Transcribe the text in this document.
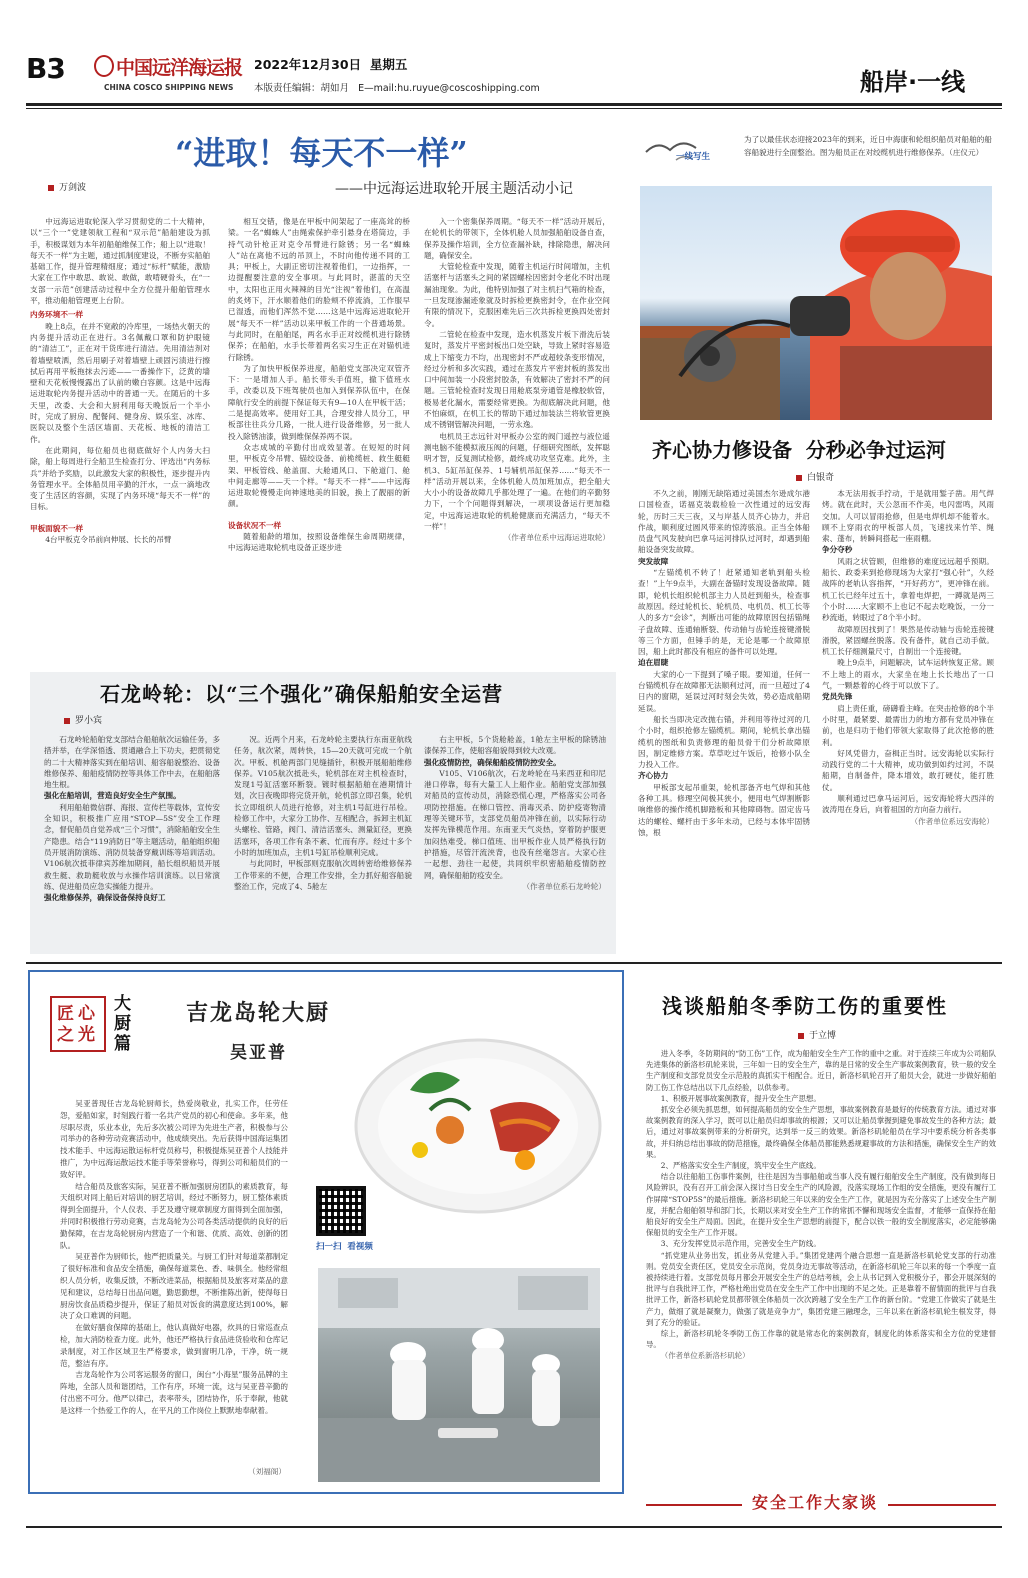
B3	中国远洋海运报
CHINA COSCO SHIPPING NEWS
2022年12月30日 星期五
本版责任编辑：胡如月 E—mail:hu.ruyue@coscoshipping.com	船岸·一线
“进取！每天不一样”
——中远海运进取轮开展主题活动小记
万剑波

中远海运进取轮深入学习贯彻党的二十大精神，以“三个一”党建领航工程和“双示范”船舶建设为抓手，积极谋划为本年初船舶维保工作；船上以“进取！每天不一样”为主题，通过抓制度建设，不断夯实船舶基础工作，提升管理精细度；通过“标杆”赋能，激励大家在工作中敢思、敢说、敢做，敢啃硬骨头，在“一支部一示范”创建活动过程中全方位提升船舶管理水平，推动船舶管理更上台阶。

内务环境不一样

晚上8点，在并不宽敞的冷库里，一场热火朝天的内务提升活动正在进行。3名佩戴口罩和防护眼镜的“清洁工”，正在对干货库进行清洁。先用清洁剂对着墙壁喷洒，然后用刷子对着墙壁上顽固污渍进行擦拭后再用平板拖抹去污迹——一番操作下，泛黄的墙壁和天花板慢慢露出了认前的嫩白容颜。这是中远海运进取轮内务提升活动中的普通一天。在随后的十多天里，改委、大会和大厨利用每天晚饭后一个半小时，完成了厨房、配餐间、健身房、娱乐室、冰库、医院以及整个生活区墙面、天花板、地板的清洁工作。

在此期间，每位船员也彻底做好个人内务大扫除，船上每周进行全船卫生检查打分、评选出“内务标兵”并给予奖励，以此激发大家的积极性，逐步提升内务管理水平。全体船员用辛勤的汗水，一点一滴地改变了生活区的容颜，实现了内务环境“每天不一样”的目标。

甲板面貌不一样

4台甲板克令吊前向伸展、长长的吊臂

相互交错，像是在甲板中间架起了一座高耸的桥梁。一名“蜘蛛人”由绳索保护牵引悬身在塔筒边，手持气动针枪正对克令吊臂进行除锈；另一名“蜘蛛人”站在离他不远的吊顶上，不时向他传递不同的工具；甲板上，大副正密切注视着他们，一边指挥，一边提醒要注意的安全事项。与此同时，湛蓝的天空中，太阳也正用火辣辣的目光“注视”着他们，在高温的炙烤下，汗水顺着他们的脸颊不停流淌，工作服早已湿透，而他们浑然不觉……这是中远海运进取轮开展“每天不一样”活动以来甲板工作的一个普通场景。与此同时，在船舶尾，两名水手正对绞缆机进行除锈保养；在船舶，水手长带着两名实习生正在对锚机进行除锈。

为了加快甲板保养进度，船舶党支部决定双管齐下：一是增加人手。船长带头手值班，撤下值班水手，改委以及下班驾驶员也加入到保养队伍中，在保障航行安全的前提下保证每天有9—10人在甲板干活；二是提高效率。使用好工具，合理安排人员分工，甲板部往往兵分几路，一批人进行设备维修，另一批人投入除锈油漆，做到维保保养两不误。

众志成城的辛勤付出成效显著。在短短的时间里，甲板克令吊臂、锚绞设备、前桅缆桩、救生艇艇架、甲板管线、舱盖面、大舱通风口、下舱道门、舱中间走廊等——天一个样。“每天不一样”——中远海运进取轮慢慢走向神速地美的旧貌，换上了靓丽的新颜。

设备状况不一样

随着船龄的增加，按照设备维保生命周期规律，中远海运进取轮机电设备正逐步进

入一个密集保养周期。“每天不一样”活动开展后，在轮机长的带领下，全体机舱人员加强船舶设备自查，保养及操作培训，全方位查漏补缺，排除隐患，解决问题，确保安全。

大管轮检查中发现，随着主机运行时间增加，主机活塞杆与活塞头之间的紧固螺栓因密封令老化不时出现漏油现象。为此，他特别加强了对主机扫气箱的检查，一旦发现渗漏迹象就及时拆检更换密封令，在作业空间有限的情况下，克服困难先后三次共拆检更换四处密封令。

二管轮在检查中发现，造水机蒸发片板下滑洗后装复时，蒸发片平密封板出口处空缺，导致上紧时容易造成上下缩变力不均，出现密封不严或超较条变形情况，经过分析和多次实践，通过在蒸发片平密封板的蒸发出口中间加装一小段密封胶条，有效解决了密封不严的问题。三管轮检查时发现日用舱底泵旁通管是橡胶软管，极易老化漏水，需要经常更换。为彻底解决此问题，他不怕麻烦，在机工长的帮助下通过加装法兰将软管更换成不锈钢管解决问题，一劳永逸。

电机员王志远针对甲板办公室的阀门遥控与液位遥测电脑不能模拟液压阀的问题，仔细研究图纸，发挥聪明才智，反复测试检修，最终成功攻坚克难。此外，主机3、5缸吊缸保养、1号辅机吊缸保养……“每天不一样”活动开展以来，全体机舱人员加班加点，把全船大大小小的设备故障几乎都处理了一遍。在他们的辛勤努力下，一个个问题得到解决，一项项设备运行更加稳定，中远海运进取轮的机舱健康而充满活力，“每天不一样”！

（作者单位系中远海运进取轮）

一线写生
为了以最佳状态迎接2023年的到来，近日中海康和轮组织船员对船舶的船容船貌进行全面整治。图为船员正在对绞缆机进行维修保养。（庄仪元）
齐心协力修设备  分秒必争过运河
白银奇

不久之前，刚刚无缺陷通过美国杰尔逊成尔港口国检查，诺福克装载检验一次性通过的远安海轮，历时三天三夜，又与岸基人员齐心协力，并启作战，顺利度过圆风带来的惊涛骇浪。正当全体船员盘气风发驶向巴拿马运河排队过河时，却遇到船舶设备突发故障。

突发故障

“左锚缆机不转了！赶紧通知老轨到船头检查！”上午9点半，大副在备锚时发现设备故障。随即，轮机长组织轮机部主力人员赶到船头，检查事故原因。经过轮机长、轮机员、电机员、机工长等人的多方“会诊”，判断出可能的故障原因包括锚绳子盘故障、连通轴断裂、传动轴与齿轮连接键滑脱等三个方面，但锤手的是，无论是哪一个故障原因，船上此时都没有相应的备件可以处理。

迫在眉睫

大家的心一下提到了嗓子眼。要知道，任何一台锚缆机存在故障都无法顺利过河，而一旦超过了4日内的窗期，延误过河时刻会失效，势必造成船期延误。

船长当即决定改抛右锚，并利用等待过河的几个小时，组织抢修左锚缆机。期间，轮机长拿出锚缆机的图纸和负责修理的船员骨干们分析故障原因，制定维修方案。草草吃过午饭后，抢修小队全力投入工作。

齐心协力

甲板部支起吊重架，轮机部备齐电气焊和其他各种工具。修理空间极其狭小，便用电气焊割断影响维修的操作缆机脚踏板和其他障碍物。固定齿马达的螺栓、螺杆由于多年未动，已经与本体牢固锈蚀，根

本无法用扳手拧动，于是就用錾子凿。用气焊烤。就在此时，天公忽而不作美，电闪雷鸣，风雨交加。人可以冒雨抢修，但是电焊机却不能着水。顾不上穿雨衣的甲板部人员，飞速找来竹竿、绳索、蓬布，转瞬间搭起一座雨棚。

争分夺秒

风雨之状管顾，但维修的难度远远超乎预期。船长、政委来到抢修现场为大家打“强心针”，久经战阵的老轨认容指挥，“开好药方”，更冲锋在前。机工长已经年过五十，拿着电焊把，一蹲就是两三个小时……大家顾不上也记不起去吃晚饭，一分一秒流逝，转眼过了8个半小时。

故障原因找到了！果然是传动轴与齿轮连接键滑脱，紧固螺丝脱落。没有备件，就自己动手做。机工长仔细测量尺寸，自制出一个连接键。

晚上9点半，问题解决，试车运转恢复正常。顾不上地上的雨水，大家坐在地上长长地出了一口气，一颗悬着的心终于可以放下了。

党员先锋

肩上责任重，磅礴看主峰。在突击抢修的8个半小时里，最紧要、最需出力的地方都有党员冲锋在前，也是归功于他们带领大家取得了此次抢修的胜利。

好风凭借力，奋楫正当时。远安海轮以实际行动践行党的二十大精神，成功做到如约过河，不误船期，自制备件，降本增效，敢打硬仗，能打胜仗。

顺利通过巴拿马运河后，远安海轮将大西洋的波涛甩在身后，向着祖国的方向奋力前行。

（作者单位系远安海轮）

石龙岭轮：以“三个强化”确保船舶安全运营
罗小宾

石龙岭轮船舶党支部结合船舶航次运输任务，多措并举，在学深悟透、贯通融合上下功夫，把贯彻党的二十大精神落实到在船培训、船容船貌整治、设备维修保养、船舶疫情防控等具体工作中去，在船舶落地生根。

强化在船培训，营造良好安全生产氛围。

利用船舶微信群、海报、宣传栏等载体，宣传安全知识，积极推广应用“STOP—5S”安全工作理念，督促船员自觉养成“三个习惯”，消除船舶安全生产隐患。结合“119消防日”等主题活动，船舶组织船员开展消防演练、消防员装备穿戴训练等培训活动。V106航次抵菲律宾苏维加期间，船长组织船员开展救生艇、救助艇收放与水操作培训演练。以日常演练、促进船员应急实操能力提升。

强化维修保养，确保设备保持良好工

况。近两个月来，石龙岭轮主要执行东南亚航线任务，航次紧，周转快，15—20天就可完成一个航次。甲板、机舱两部门见缝插针，积极开展船舶维修保养。V105航次抵赴头，轮机部在对主机检查时，发现1号缸活塞环断裂。镀时根据船舶在港期情计划，次日夜晚即将完货开航，轮机部立即召集，轮机长立即组织人员进行抢修，对主机1号缸进行吊检。检修工作中，大家分工协作、互相配合，拆卸主机缸头螺栓、管路，阀门、清洁活塞头、测量缸径，更换活塞环，各项工作有条不紊、忙而有序。经过十多个小时的加班加点，主机1号缸吊检顺利完成。

与此同时，甲板部则克服航次周转密给维修保养工作带来的不便，合理工作安排，全力抓好船容船貌整治工作，完成了4、5舱左

右主甲板，5个货舱舱盖，1舱左主甲板的除锈油漆保养工作，使船容船貌得到较大改观。

强化疫情防控，确保船舶疫情防控安全。

V105、V106航次，石龙岭轮在马来西亚和印尼港口停靠，每有大量工人上船作业。船舶党支部加强对船员的宣传动员，消除恐慌心理，严格落实公司各项防控措施。在梯口管控、消毒灭杀、防护疫寄物清理等关键环节，支部党员船员冲锋在前，以实际行动发挥先锋模范作用。东南亚天气炎热，穿着防护服更加闷热难受。梯口值班、出甲板作业人员严格执行防护措施，尽管汗流浃背，也没有丝毫怨言。大家心往一起想、劲往一起使，共同织牢织密船舶疫情防控网，确保船舶防疫安全。

（作者单位系石龙岭轮）

匠心之光
大厨篇
吉龙岛轮大厨
吴亚普
扫一扫  看视频

吴亚普现任吉龙岛轮厨师长，热爱岗敬业，扎实工作，任劳任怨，爱船如家，时刻践行着一名共产党员的初心和使命。多年来，他尽职尽责，乐业本业，先后多次被公司评为先进生产者，积极参与公司举办的各种劳动竞赛活动中，他成绩突出。先后获得中国海运集团技术能手、中远海运散运标杆党员称号，积极提炼吴亚普个人技能并推广，为中远海运散运技术能手等荣誉称号，得到公司和船员们的一致好评。

结合船员及旅客实际，吴亚普不断加强厨房团队的素质教育，每天组织对同上船后对培训的厨艺培训，经过不断努力，厨工整体素质得到全面提升，个人仪表、手艺及遵守规章制度方面得到全面加强，并同时积极推行劳动竞赛，吉龙岛轮为公司各类活动提供的良好的后勤保障，在吉龙岛轮厨房内营造了一个和谐、优质、高效、创新的团队。

吴亚普作为厨师长，他严把质量关。与厨工们针对每道菜都制定了很好标准和食品安全措施，确保每道菜色、香、味俱全。他经常组织人员分析，收集反馈，不断改进菜品，根据船员及旅客对菜品的意见和建议，总结每日出品问题，勤思勤想，不断推陈出新，使得每日厨房饮食品质稳步提升，保证了船员对饭食的满意度达到100%，解决了众口难调的问题。

在做好膳食保障的基础上，他认真做好电器，炊具的日常巡查点检，加大消防检查力度。此外，他还严格执行食品进货验收和仓库记录制度，对工作区域卫生严格要求，做到窗明几净，干净，统一规范，整洁有序。

吉龙岛轮作为公司客运服务的窗口，闽台“小海星”服务品牌的主阵地，全部人员和谐团结，工作有序，环境一流，这与吴亚普辛勤的付出密不可分。他严以律己，表率带头，团结协作，乐于奉献，他就是这样一个热爱工作的人，在平凡的工作岗位上默默地奉献着。

（刘福阁）
浅谈船舶冬季防工伤的重要性
于立博

进入冬季，冬防期间的“防工伤”工作，成为船舶安全生产工作的重中之重。对于连续三年成为公司船队先进集体的新洛杉矶轮来说，三年如一日的安全生产，靠的是日常的安全生产事故案例教育，铁一般的安全生产制度和支部党员安全示范般的真抓实干相配合。近日，新洛杉矶轮召开了船员大会，就进一步做好船舶防工伤工作总结出以下几点经验，以供参考。

1、积极开展事故案例教育，提升安全生产思想。

抓安全必须先抓思想，如何提高船员的安全生产思想，事故案例教育是最好的传统教育方法。通过对事故案例教育的深入学习，既可以让船员归却事故的根源；又可以让船员掌握到避免事故发生的各种方法；最后，通过对事故案例带来的分析研究，达到举一反三的效果。新洛杉矶轮船员在学习中要系统分析各类事故，并归纳总结出事故的防范措施，最终确保全体船员都能熟悉规避事故的方法和措施，确保安全生产的效果。

2、严格落实安全生产制度，筑牢安全生产底线。

结合以往船舶工伤事件案例，往往是因为当事船舶或当事人没有履行船舶安全生产制度，没有做到每日风险辨识，没有召开工前会深入探讨当日安全生产的风险源，没落实现场工作组的安全措施，更没有履行工作屏障“STOP5S”的最后措施。新洛杉矶轮三年以来的安全生产工作，就是因为充分落实了上述安全生产制度，并配合船舶领导和部门长，长期以来对安全生产工作的常抓不懈和现场安全监督，才能够一直保持在船舶良好的安全生产局面。因此，在提升安全生产思想的前提下，配合以铁一般的安全制度落实，必定能够确保船员的安全生产工作开展。

3、充分发挥党员示范作用，完善安全生产防线。

“抓党建从业务出发，抓业务从党建入手。”集团党建两个融合思想一直是新洛杉矶轮党支部的行动准则。党员安全责任区，党员安全示范岗，党员身边无事故等活动，在新洛杉矶轮三年以来的每一个季度一直被持续进行着。支部党员每月都会开展安全生产的总结考核，会上从书记到入党积极分子，都会开展深刻的批评与自我批评工作，严格杜绝出党员在安全生产工作中出现的不足之处。正是靠着不留情面的批评与自我批评工作，新洛杉矶轮党员都带领全体船员一次次跨越了安全生产工作的新台阶。“党建工作做实了就是生产力，做细了就是凝聚力，做强了就是竞争力”，集团党建三融理念，三年以来在新洛杉矶轮生根发芽，得到了充分的验证。

综上，新洛杉矶轮冬季防工伤工作靠的就是常态化的案例教育，制度化的体系落实和全方位的党建督导。

（作者单位系新洛杉矶轮）

安全工作大家谈
